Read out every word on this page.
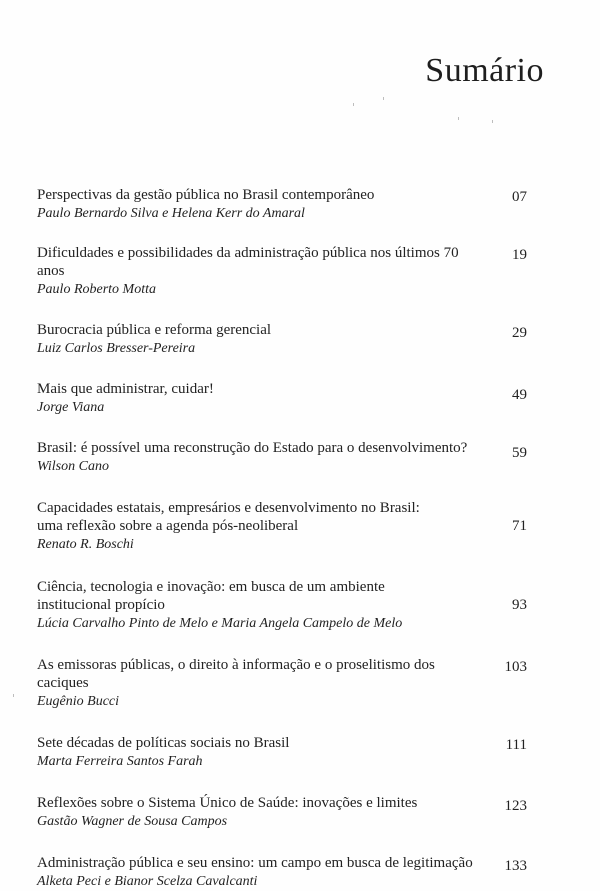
Sumário
07
Perspectivas da gestão pública no Brasil contemporâneo
Paulo Bernardo Silva e Helena Kerr do Amaral
19
Dificuldades e possibilidades da administração pública nos últimos 70 anos
Paulo Roberto Motta
29
Burocracia pública e reforma gerencial
Luiz Carlos Bresser-Pereira
49
Mais que administrar, cuidar!
Jorge Viana
59
Brasil: é possível uma reconstrução do Estado para o desenvolvimento?
Wilson Cano
71
Capacidades estatais, empresários e desenvolvimento no Brasil:
uma reflexão sobre a agenda pós-neoliberal
Renato R. Boschi
93
Ciência, tecnologia e inovação: em busca de um ambiente
institucional propício
Lúcia Carvalho Pinto de Melo e Maria Angela Campelo de Melo
103
As emissoras públicas, o direito à informação e o proselitismo dos caciques
Eugênio Bucci
111
Sete décadas de políticas sociais no Brasil
Marta Ferreira Santos Farah
123
Reflexões sobre o Sistema Único de Saúde: inovações e limites
Gastão Wagner de Sousa Campos
133
Administração pública e seu ensino: um campo em busca de legitimação
Alketa Peci e Bianor Scelza Cavalcanti
